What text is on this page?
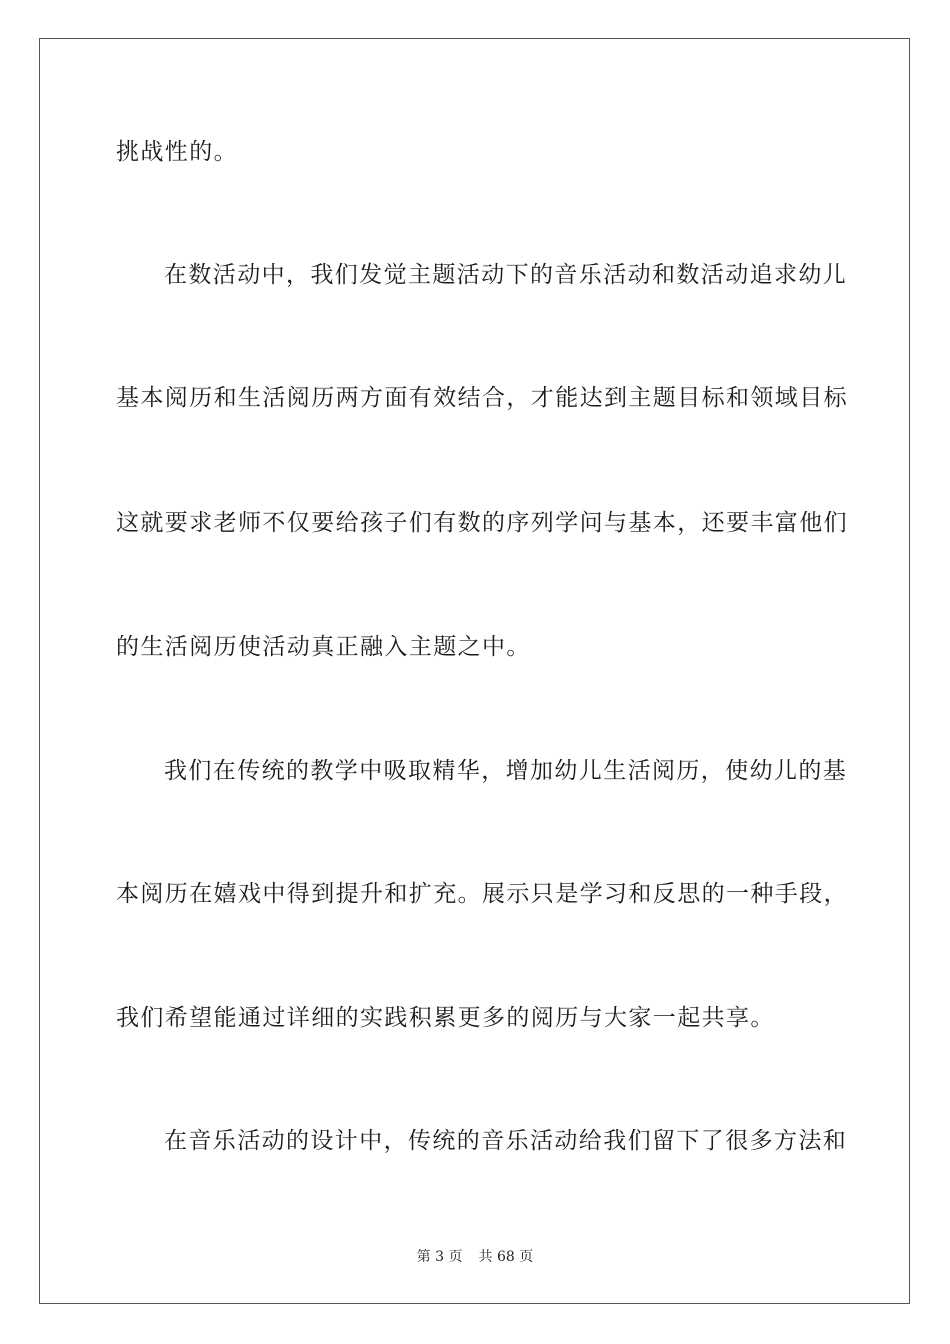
挑战性的。
在数活动中，我们发觉主题活动下的音乐活动和数活动追求幼儿
基本阅历和生活阅历两方面有效结合，才能达到主题目标和领域目标
这就要求老师不仅要给孩子们有数的序列学问与基本，还要丰富他们
的生活阅历使活动真正融入主题之中。
我们在传统的教学中吸取精华，增加幼儿生活阅历，使幼儿的基
本阅历在嬉戏中得到提升和扩充。展示只是学习和反思的一种手段，
我们希望能通过详细的实践积累更多的阅历与大家一起共享。
在音乐活动的设计中，传统的音乐活动给我们留下了很多方法和
第 3 页 共 68 页
